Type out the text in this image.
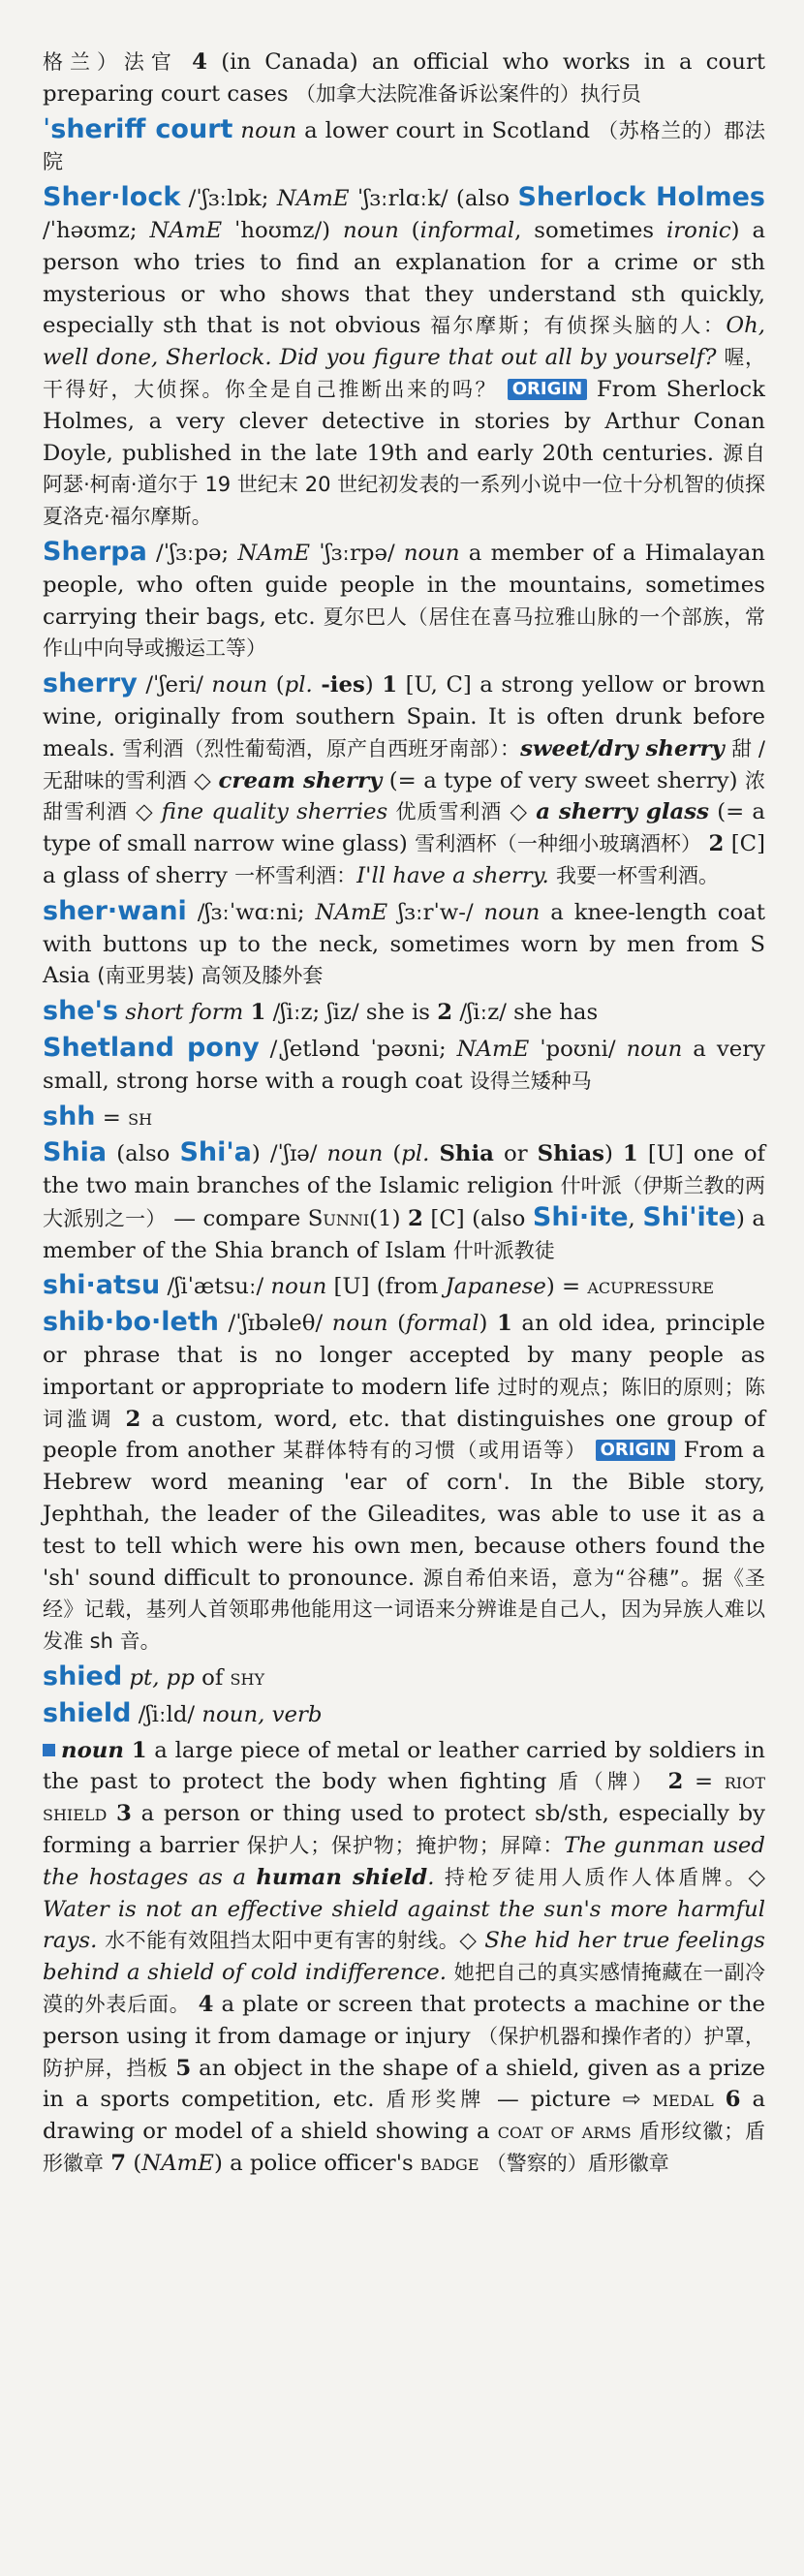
格兰）法官 4 (in Canada) an official who works in a court preparing court cases （加拿大法院准备诉讼案件的）执行员
ˈsheriff court noun a lower court in Scotland （苏格兰的）郡法院
Sher·lock /ˈʃɜːlɒk; NAmE ˈʃɜːrlɑːk/ (also Sherlock Holmes /ˈhəʊmz; NAmE ˈhoʊmz/) noun (informal, sometimes ironic) a person who tries to find an explanation for a crime or sth mysterious or who shows that they understand sth quickly, especially sth that is not obvious 福尔摩斯；有侦探头脑的人：Oh, well done, Sherlock. Did you figure that out all by yourself? 喔，干得好，大侦探。你全是自己推断出来的吗？ ORIGIN From Sherlock Holmes, a very clever detective in stories by Arthur Conan Doyle, published in the late 19th and early 20th centuries. 源自阿瑟·柯南·道尔于 19 世纪末 20 世纪初发表的一系列小说中一位十分机智的侦探夏洛克·福尔摩斯。
Sherpa /ˈʃɜːpə; NAmE ˈʃɜːrpə/ noun a member of a Himalayan people, who often guide people in the mountains, sometimes carrying their bags, etc. 夏尔巴人（居住在喜马拉雅山脉的一个部族，常作山中向导或搬运工等）
sherry /ˈʃeri/ noun (pl. -ies) 1 [U, C] a strong yellow or brown wine, originally from southern Spain. It is often drunk before meals. 雪利酒（烈性葡萄酒，原产自西班牙南部）：sweet/dry sherry 甜 / 无甜味的雪利酒 ◇ cream sherry (= a type of very sweet sherry) 浓甜雪利酒 ◇ fine quality sherries 优质雪利酒 ◇ a sherry glass (= a type of small narrow wine glass) 雪利酒杯（一种细小玻璃酒杯） 2 [C] a glass of sherry 一杯雪利酒：I'll have a sherry. 我要一杯雪利酒。
sher·wani /ʃɜːˈwɑːni; NAmE ʃɜːrˈw-/ noun a knee-length coat with buttons up to the neck, sometimes worn by men from S Asia (南亚男装) 高领及膝外套
she's short form 1 /ʃiːz; ʃiz/ she is 2 /ʃiːz/ she has
Shetland pony /ˌʃetlənd ˈpəʊni; NAmE ˈpoʊni/ noun a very small, strong horse with a rough coat 设得兰矮种马
shh = sh
Shia (also Shi'a) /ˈʃɪə/ noun (pl. Shia or Shias) 1 [U] one of the two main branches of the Islamic religion 什叶派（伊斯兰教的两大派别之一） — compare Sunni(1) 2 [C] (also Shi·ite, Shi'ite) a member of the Shia branch of Islam 什叶派教徒
shi·atsu /ʃiˈætsuː/ noun [U] (from Japanese) = acupressure
shib·bo·leth /ˈʃɪbəleθ/ noun (formal) 1 an old idea, principle or phrase that is no longer accepted by many people as important or appropriate to modern life 过时的观点；陈旧的原则；陈词滥调 2 a custom, word, etc. that distinguishes one group of people from another 某群体特有的习惯（或用语等） ORIGIN From a Hebrew word meaning 'ear of corn'. In the Bible story, Jephthah, the leader of the Gileadites, was able to use it as a test to tell which were his own men, because others found the 'sh' sound difficult to pronounce. 源自希伯来语，意为“谷穗”。据《圣经》记载，基列人首领耶弗他能用这一词语来分辨谁是自己人，因为异族人难以发准 sh 音。
shied pt, pp of shy
shield /ʃiːld/ noun, verb
noun 1 a large piece of metal or leather carried by soldiers in the past to protect the body when fighting 盾（牌） 2 = riot shield 3 a person or thing used to protect sb/sth, especially by forming a barrier 保护人；保护物；掩护物；屏障：The gunman used the hostages as a human shield. 持枪歹徒用人质作人体盾牌。◇ Water is not an effective shield against the sun's more harmful rays. 水不能有效阻挡太阳中更有害的射线。◇ She hid her true feelings behind a shield of cold indifference. 她把自己的真实感情掩藏在一副冷漠的外表后面。 4 a plate or screen that protects a machine or the person using it from damage or injury （保护机器和操作者的）护罩，防护屏，挡板 5 an object in the shape of a shield, given as a prize in a sports competition, etc. 盾形奖牌 — picture ⇨ medal 6 a drawing or model of a shield showing a coat of arms 盾形纹徽；盾形徽章 7 (NAmE) a police officer's badge （警察的）盾形徽章
